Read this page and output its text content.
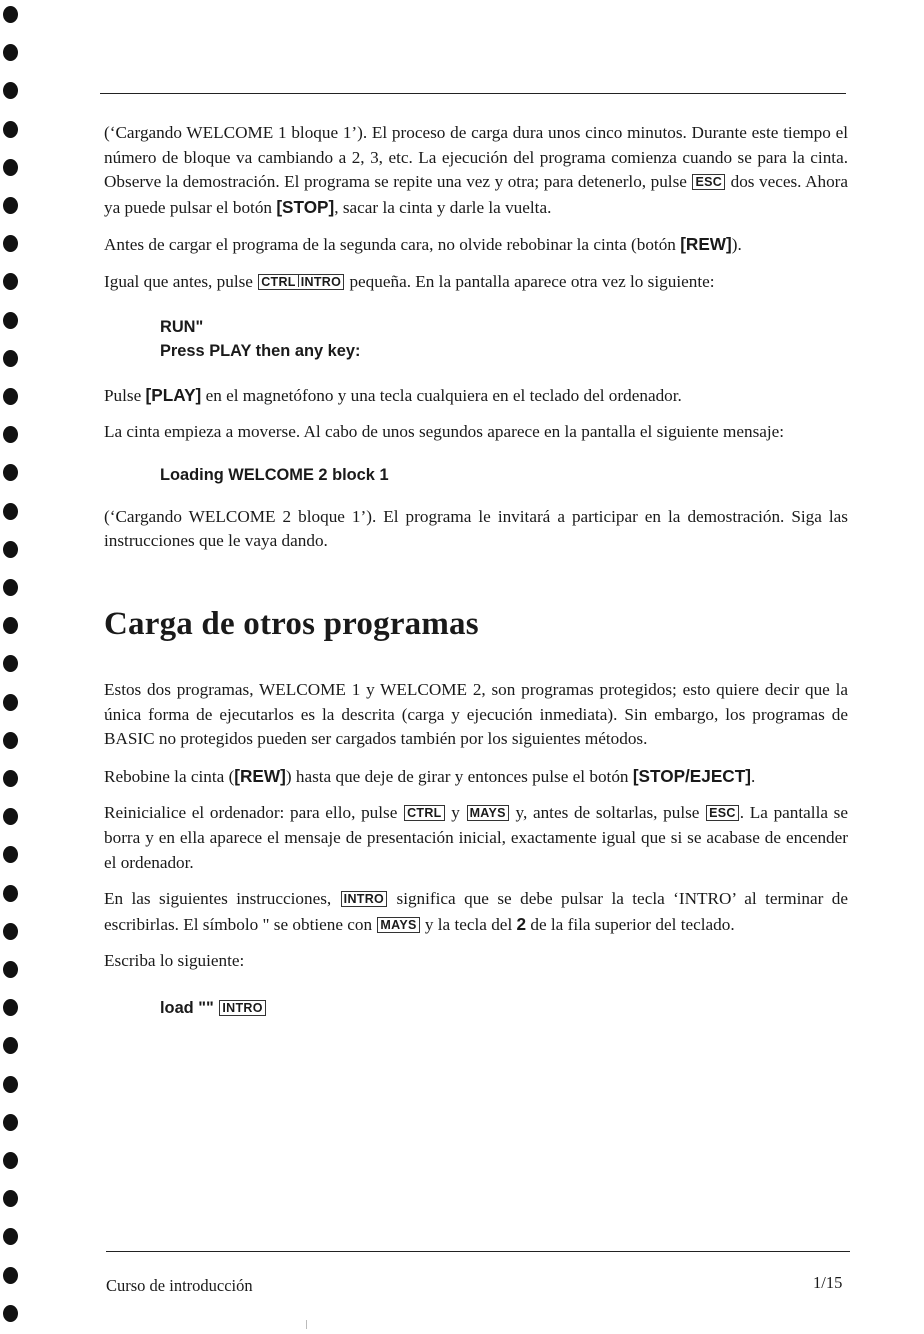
(‘Cargando WELCOME 1 bloque 1’). El proceso de carga dura unos cinco minutos. Durante este tiempo el número de bloque va cambiando a 2, 3, etc. La ejecución del programa comienza cuando se para la cinta. Observe la demostración. El programa se repite una vez y otra; para detenerlo, pulse ESC dos veces. Ahora ya puede pulsar el botón [STOP], sacar la cinta y darle la vuelta.

Antes de cargar el programa de la segunda cara, no olvide rebobinar la cinta (botón [REW]).

Igual que antes, pulse CTRL INTRO pequeña. En la pantalla aparece otra vez lo siguiente:

RUN"

Press PLAY then any key:

Pulse [PLAY] en el magnetófono y una tecla cualquiera en el teclado del ordenador.

La cinta empieza a moverse. Al cabo de unos segundos aparece en la pantalla el siguiente mensaje:

Loading WELCOME 2 block 1

(‘Cargando WELCOME 2 bloque 1’). El programa le invitará a participar en la demostración. Siga las instrucciones que le vaya dando.

Carga de otros programas

Estos dos programas, WELCOME 1 y WELCOME 2, son programas protegidos; esto quiere decir que la única forma de ejecutarlos es la descrita (carga y ejecución inmediata). Sin embargo, los programas de BASIC no protegidos pueden ser cargados también por los siguientes métodos.

Rebobine la cinta ([REW]) hasta que deje de girar y entonces pulse el botón [STOP/EJECT].

Reinicialice el ordenador: para ello, pulse CTRL y MAYS y, antes de soltarlas, pulse ESC . La pantalla se borra y en ella aparece el mensaje de presentación inicial, exactamente igual que si se acabase de encender el ordenador.

En las siguientes instrucciones, INTRO significa que se debe pulsar la tecla ‘INTRO’ al terminar de escribirlas. El símbolo " se obtiene con MAYS y la tecla del 2 de la fila superior del teclado.

Escriba lo siguiente:

load "" INTRO

Curso de introducción	1/15
